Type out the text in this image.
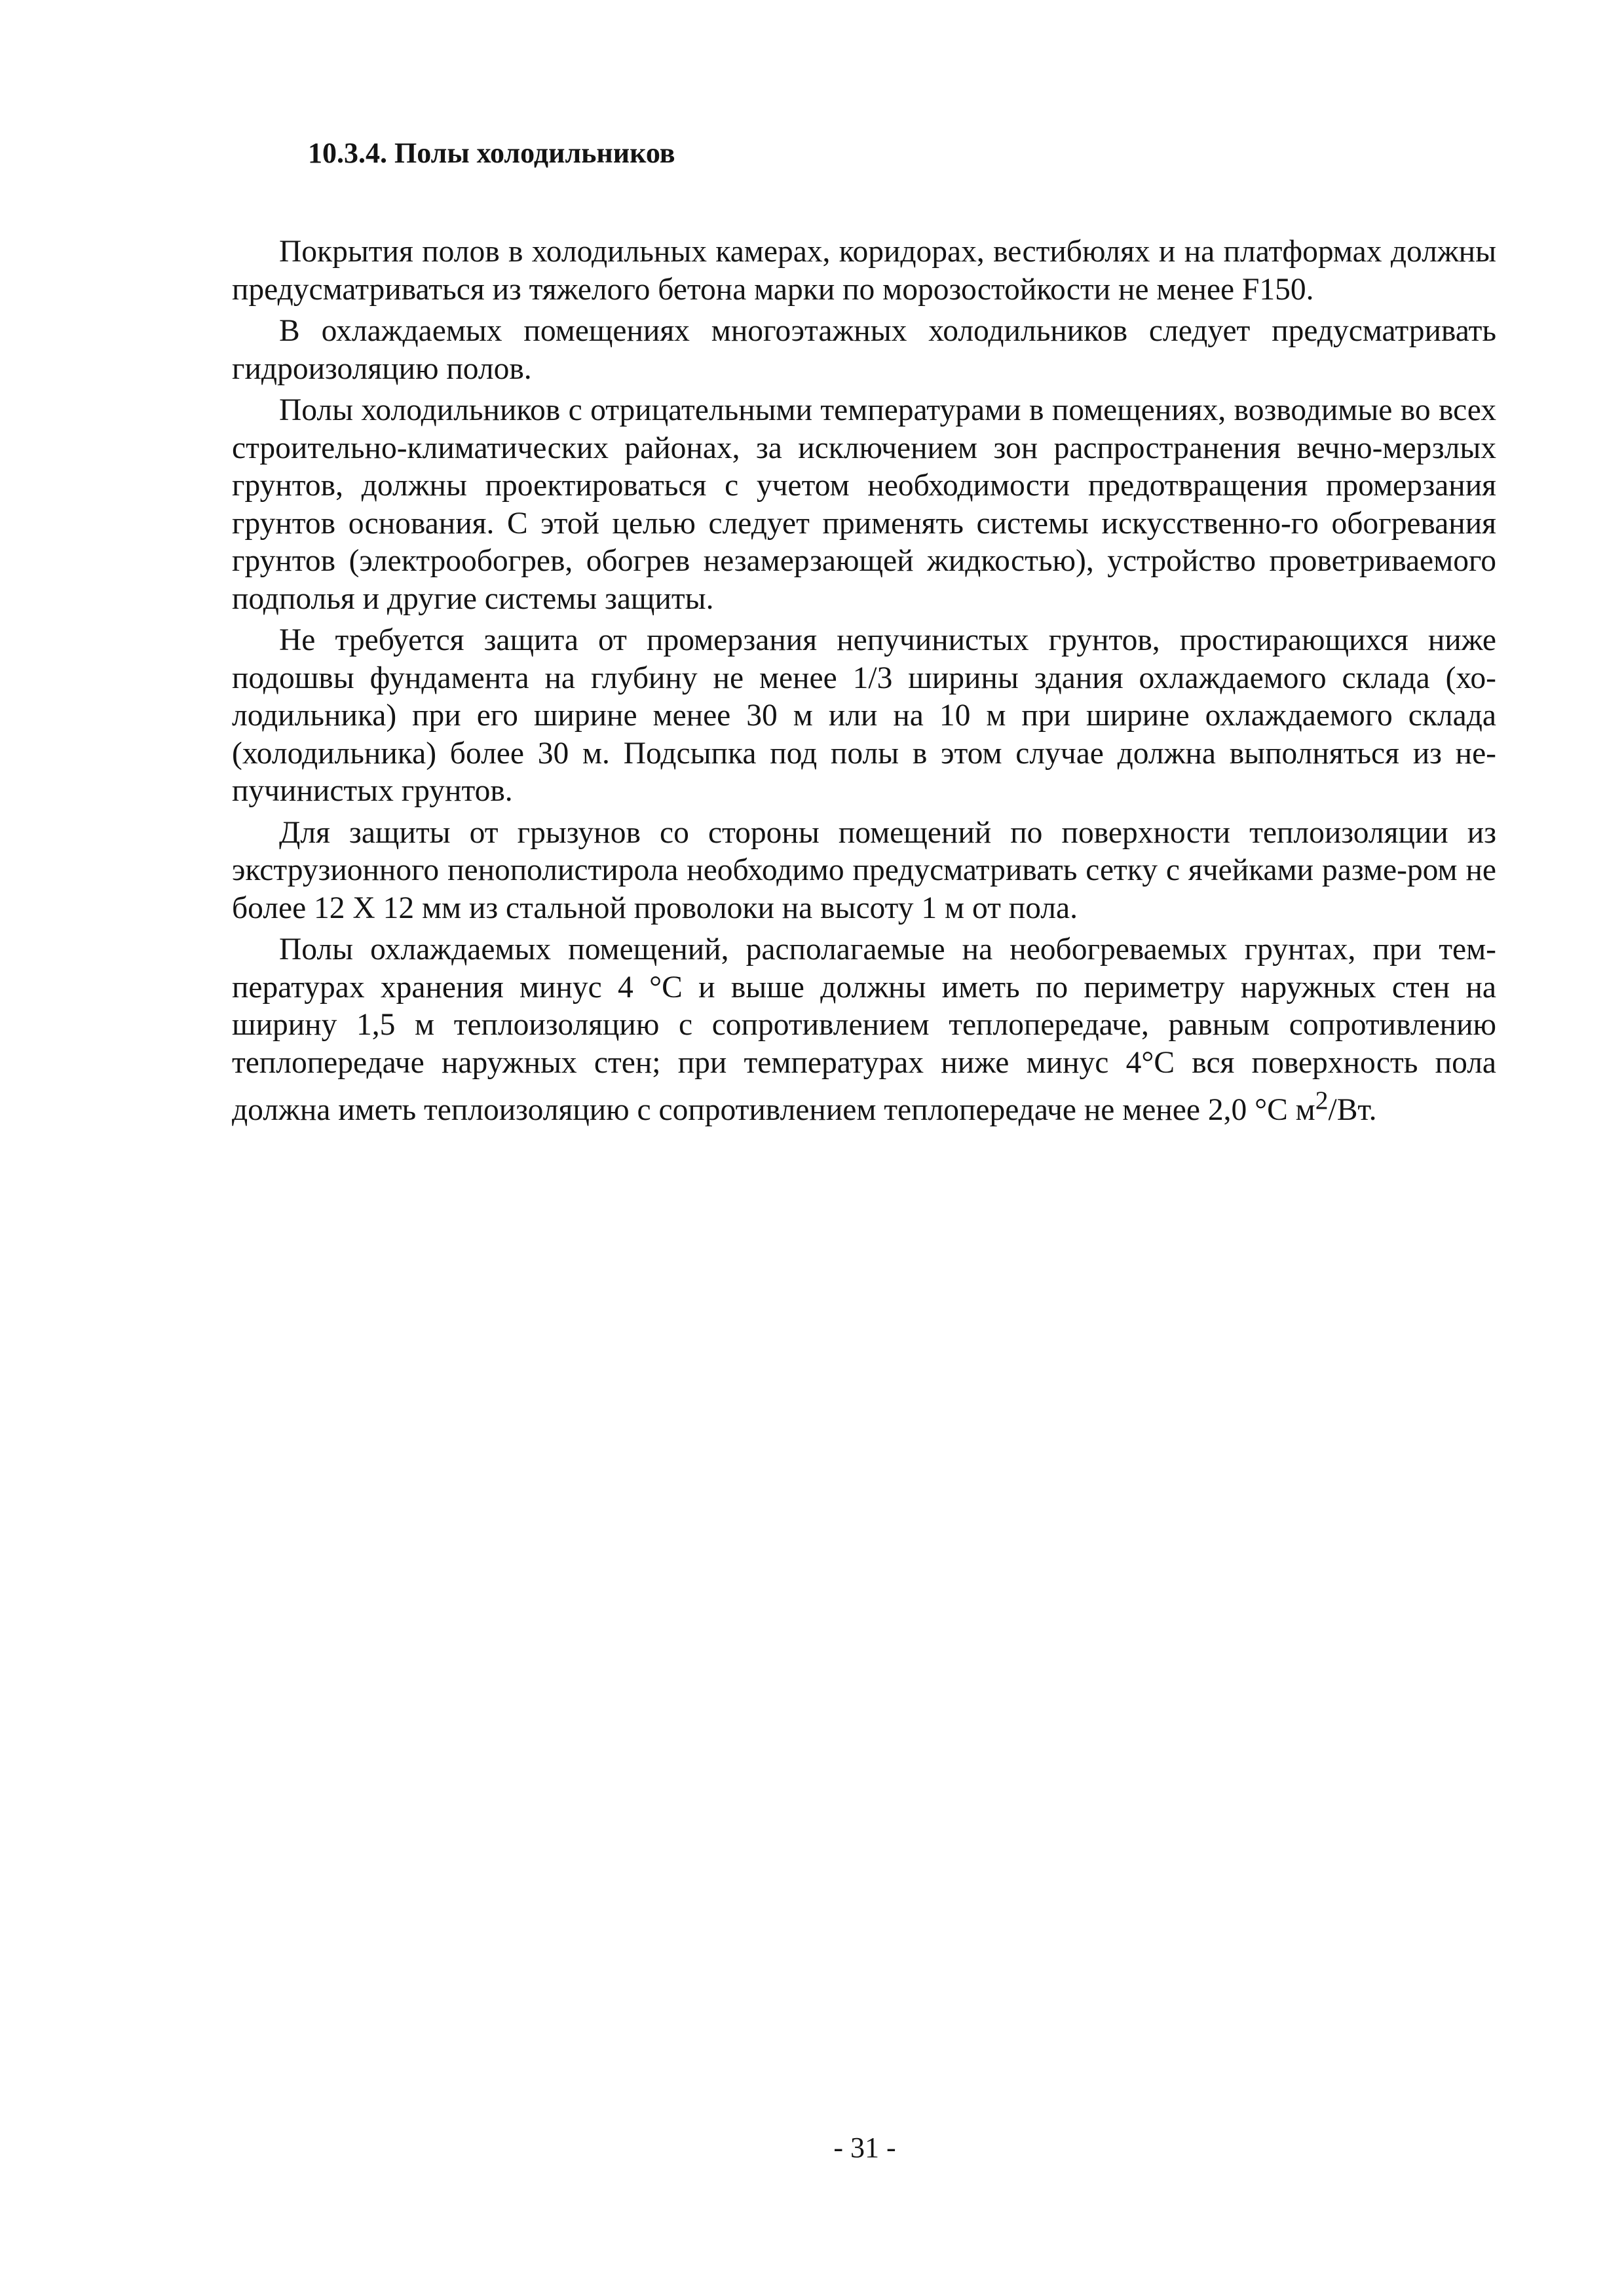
10.3.4. Полы холодильников

Покрытия полов в холодильных камерах, коридорах, вестибюлях и на платформах должны предусматриваться из тяжелого бетона марки по морозостойкости не менее F150.

В охлаждаемых помещениях многоэтажных холодильников следует предусматривать гидроизоляцию полов.

Полы холодильников с отрицательными температурами в помещениях, возводимые во всех строительно-климатических районах, за исключением зон распространения вечно-мерзлых грунтов, должны проектироваться с учетом необходимости предотвращения промерзания грунтов основания. С этой целью следует применять системы искусственно-го обогревания грунтов (электрообогрев, обогрев незамерзающей жидкостью), устройство проветриваемого подполья и другие системы защиты.

Не требуется защита от промерзания непучинистых грунтов, простирающихся ниже подошвы фундамента на глубину не менее 1/3 ширины здания охлаждаемого склада (хо-лодильника) при его ширине менее 30 м или на 10 м при ширине охлаждаемого склада (холодильника) более 30 м. Подсыпка под полы в этом случае должна выполняться из не-пучинистых грунтов.

Для защиты от грызунов со стороны помещений по поверхности теплоизоляции из экструзионного пенополистирола необходимо предусматривать сетку с ячейками разме-ром не более 12 Х 12 мм из стальной проволоки на высоту 1 м от пола.

Полы охлаждаемых помещений, располагаемые на необогреваемых грунтах, при тем-пературах хранения минус 4 °С и выше должны иметь по периметру наружных стен на ширину 1,5 м теплоизоляцию с сопротивлением теплопередаче, равным сопротивлению теплопередаче наружных стен; при температурах ниже минус 4°С вся поверхность пола должна иметь теплоизоляцию с сопротивлением теплопередаче не менее 2,0 °С $м^2/Вт$.

- 31 -
